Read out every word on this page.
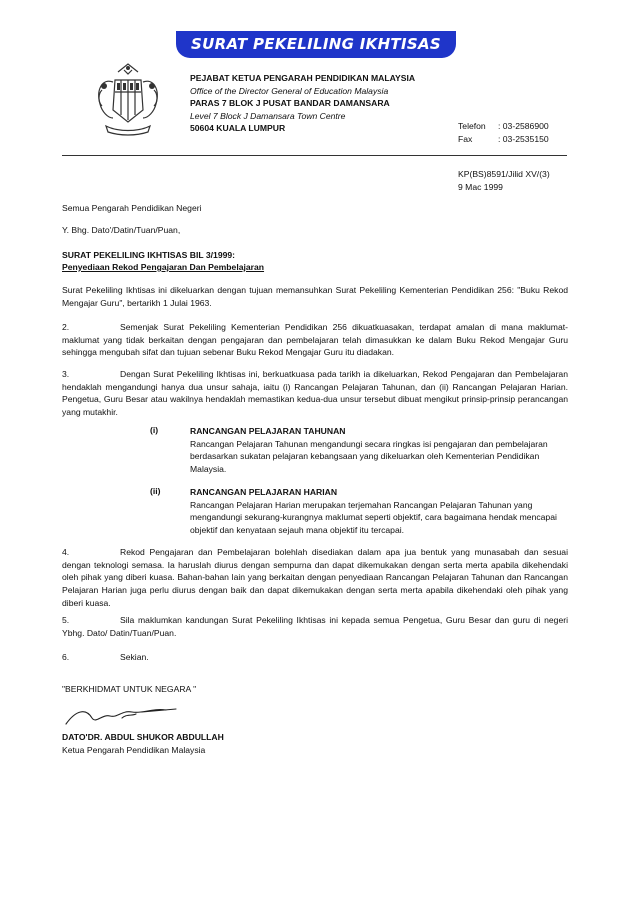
SURAT PEKELILING IKHTISAS
PEJABAT KETUA PENGARAH PENDIDIKAN MALAYSIA
Office of the Director General of Education Malaysia
PARAS 7 BLOK J PUSAT BANDAR DAMANSARA
Level 7 Block J Damansara Town Centre
50604 KUALA LUMPUR	Telefon	: 03-2586900
Fax	: 03-2535150
KP(BS)8591/Jilid XV/(3)
9 Mac 1999
Semua Pengarah Pendidikan Negeri
Y. Bhg. Dato'/Datin/Tuan/Puan,
SURAT PEKELILING IKHTISAS BIL 3/1999:
Penyediaan Rekod Pengajaran Dan Pembelajaran
Surat Pekeliling Ikhtisas ini dikeluarkan dengan tujuan memansuhkan Surat Pekeliling Kementerian Pendidikan 256: "Buku Rekod Mengajar Guru", bertarikh 1 Julai 1963.
2.	Semenjak Surat Pekeliling Kementerian Pendidikan 256 dikuatkuasakan, terdapat amalan di mana maklumat-maklumat yang tidak berkaitan dengan pengajaran dan pembelajaran telah dimasukkan ke dalam Buku Rekod Mengajar Guru sehingga mengubah sifat dan tujuan sebenar Buku Rekod Mengajar Guru itu diadakan.
3.	Dengan Surat Pekeliling Ikhtisas ini, berkuatkuasa pada tarikh ia dikeluarkan, Rekod Pengajaran dan Pembelajaran hendaklah mengandungi hanya dua unsur sahaja, iaitu (i) Rancangan Pelajaran Tahunan, dan (ii) Rancangan Pelajaran Harian. Pengetua, Guru Besar atau wakilnya hendaklah memastikan kedua-dua unsur tersebut dibuat mengikut prinsip-prinsip perancangan yang mutakhir.
(i)	RANCANGAN PELAJARAN TAHUNAN
Rancangan Pelajaran Tahunan mengandungi secara ringkas isi pengajaran dan pembelajaran berdasarkan sukatan pelajaran kebangsaan yang dikeluarkan oleh Kementerian Pendidikan Malaysia.
(ii)	RANCANGAN PELAJARAN HARIAN
Rancangan Pelajaran Harian merupakan terjemahan Rancangan Pelajaran Tahunan yang mengandungi sekurang-kurangnya maklumat seperti objektif, cara bagaimana hendak mencapai objektif dan kenyataan sejauh mana objektif itu tercapai.
4.	Rekod Pengajaran dan Pembelajaran bolehlah disediakan dalam apa jua bentuk yang munasabah dan sesuai dengan teknologi semasa. Ia haruslah diurus dengan sempurna dan dapat dikemukakan dengan serta merta apabila dikehendaki oleh pihak yang diberi kuasa. Bahan-bahan lain yang berkaitan dengan penyediaan Rancangan Pelajaran Tahunan dan Rancangan Pelajaran Harian juga perlu diurus dengan baik dan dapat dikemukakan dengan serta merta apabila dikehendaki oleh pihak yang diberi kuasa.
5.	Sila maklumkan kandungan Surat Pekeliling Ikhtisas ini kepada semua Pengetua, Guru Besar dan guru di negeri Ybhg. Dato/ Datin/Tuan/Puan.
6.	Sekian.
"BERKHIDMAT UNTUK NEGARA "
DATO'DR. ABDUL SHUKOR ABDULLAH
Ketua Pengarah Pendidikan Malaysia
